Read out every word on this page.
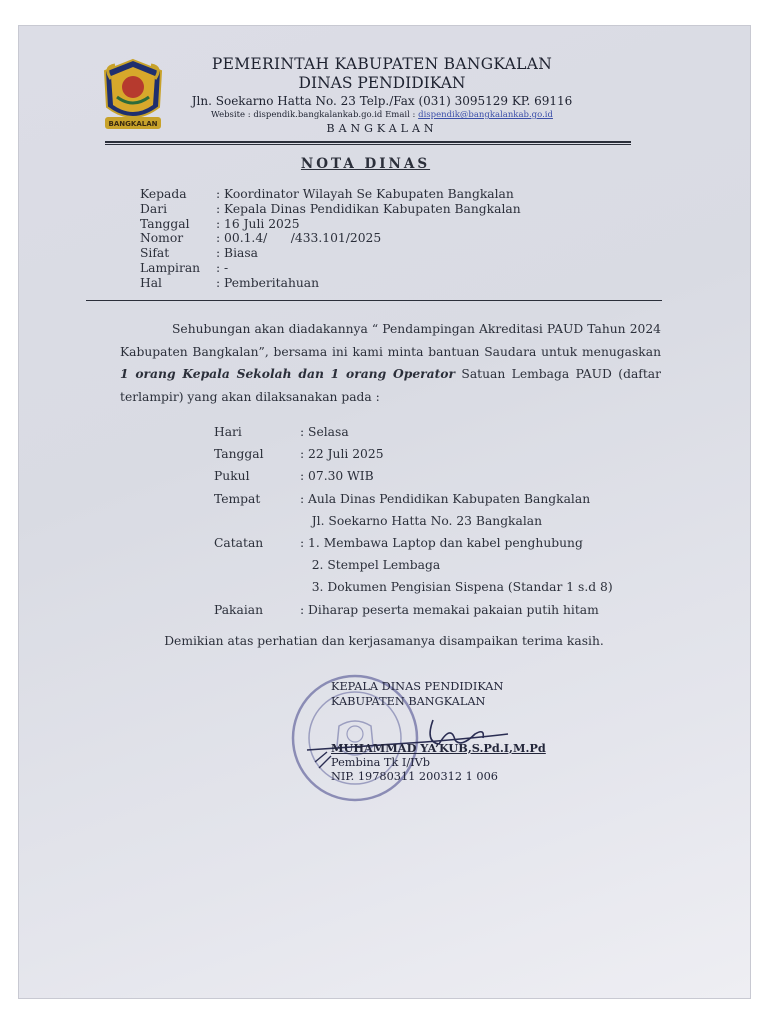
BANGKALAN
PEMERINTAH KABUPATEN BANGKALAN
DINAS PENDIDIKAN
Jln. Soekarno Hatta No. 23 Telp./Fax (031) 3095129 KP. 69116
Website : dispendik.bangkalankab.go.id Email : dispendik@bangkalankab.go.id
BANGKALAN
NOTA DINAS
Kepada	: Koordinator Wilayah Se Kabupaten Bangkalan
Dari	: Kepala Dinas Pendidikan Kabupaten Bangkalan
Tanggal	: 16 Juli 2025
Nomor	: 00.1.4/      /433.101/2025
Sifat	: Biasa
Lampiran	: -
Hal	: Pemberitahuan
Sehubungan akan diadakannya “ Pendampingan Akreditasi PAUD Tahun 2024 Kabupaten Bangkalan”, bersama ini kami minta bantuan Saudara untuk menugaskan 1 orang Kepala Sekolah dan 1 orang Operator Satuan Lembaga PAUD (daftar terlampir) yang akan dilaksanakan pada :
Hari	: Selasa
Tanggal	: 22 Juli 2025
Pukul	: 07.30 WIB
Tempat	: Aula Dinas Pendidikan Kabupaten Bangkalan
Jl. Soekarno Hatta No. 23 Bangkalan
Catatan	: 1. Membawa Laptop dan kabel penghubung
2. Stempel Lembaga
3. Dokumen Pengisian Sispena (Standar 1 s.d 8)
Pakaian	: Diharap peserta memakai pakaian putih hitam
Demikian atas perhatian dan kerjasamanya disampaikan terima kasih.
KEPALA DINAS PENDIDIKAN
KABUPATEN BANGKALAN
MUHAMMAD YA’KUB,S.Pd.I,M.Pd
Pembina Tk I/IVb
NIP. 19780311 200312 1 006
